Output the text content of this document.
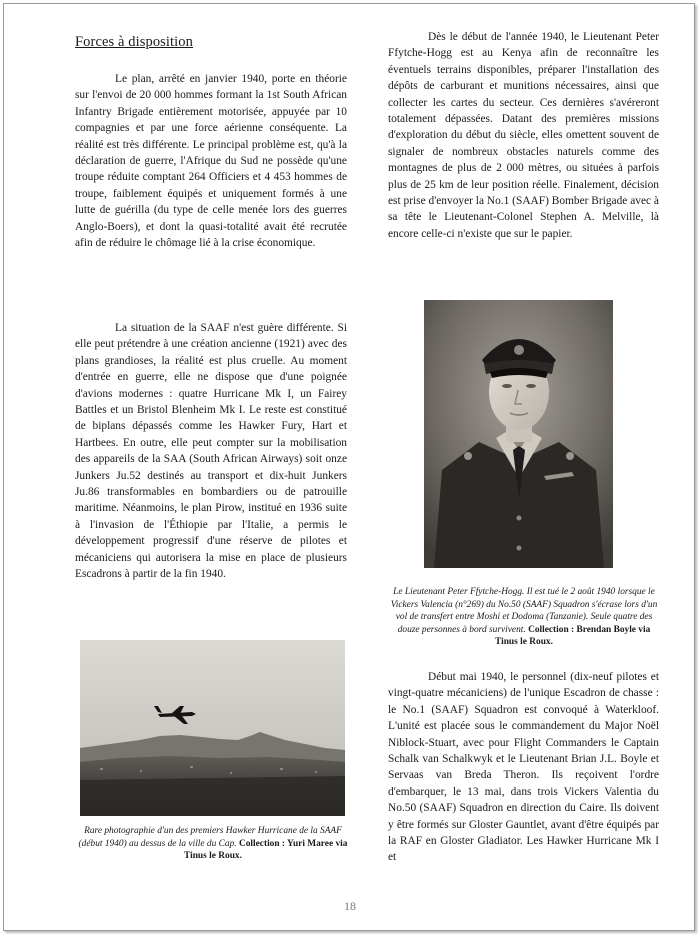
Forces à disposition

Le plan, arrêté en janvier 1940, porte en théorie sur l'envoi de 20 000 hommes formant la 1st South African Infantry Brigade entièrement motorisée, appuyée par 10 compagnies et par une force aérienne conséquente. La réalité est très différente. Le principal problème est, qu'à la déclaration de guerre, l'Afrique du Sud ne possède qu'une troupe réduite comptant 264 Officiers et 4 453 hommes de troupe, faiblement équipés et uniquement formés à une lutte de guérilla (du type de celle menée lors des guerres Anglo-Boers), et dont la quasi-totalité avait été recrutée afin de réduire le chômage lié à la crise économique.

La situation de la SAAF n'est guère différente. Si elle peut prétendre à une création ancienne (1921) avec des plans grandioses, la réalité est plus cruelle. Au moment d'entrée en guerre, elle ne dispose que d'une poignée d'avions modernes : quatre Hurricane Mk I, un Fairey Battles et un Bristol Blenheim Mk I. Le reste est constitué de biplans dépassés comme les Hawker Fury, Hart et Hartbees. En outre, elle peut compter sur la mobilisation des appareils de la SAA (South African Airways) soit onze Junkers Ju.52 destinés au transport et dix-huit Junkers Ju.86 transformables en bombardiers ou de patrouille maritime. Néanmoins, le plan Pirow, institué en 1936 suite à l'invasion de l'Éthiopie par l'Italie, a permis le développement progressif d'une réserve de pilotes et mécaniciens qui autorisera la mise en place de plusieurs Escadrons à partir de la fin 1940.

Rare photographie d'un des premiers Hawker Hurricane de la SAAF (début 1940) au dessus de la ville du Cap. Collection : Yuri Maree via Tinus le Roux.

Dès le début de l'année 1940, le Lieutenant Peter Ffytche-Hogg est au Kenya afin de reconnaître les éventuels terrains disponibles, préparer l'installation des dépôts de carburant et munitions nécessaires, ainsi que collecter les cartes du secteur. Ces dernières s'avéreront totalement dépassées. Datant des premières missions d'exploration du début du siècle, elles omettent souvent de signaler de nombreux obstacles naturels comme des montagnes de plus de 2 000 mètres, ou situées à parfois plus de 25 km de leur position réelle. Finalement, décision est prise d'envoyer la No.1 (SAAF) Bomber Brigade avec à sa tête le Lieutenant-Colonel Stephen A. Melville, là encore celle-ci n'existe que sur le papier.

Début mai 1940, le personnel (dix-neuf pilotes et vingt-quatre mécaniciens) de l'unique Escadron de chasse : le No.1 (SAAF) Squadron est convoqué à Waterkloof. L'unité est placée sous le commandement du Major Noël Niblock-Stuart, avec pour Flight Commanders le Captain Schalk van Schalkwyk et le Lieutenant Brian J.L. Boyle et Servaas van Breda Theron. Ils reçoivent l'ordre d'embarquer, le 13 mai, dans trois Vickers Valentia du No.50 (SAAF) Squadron en direction du Caire. Ils doivent y être formés sur Gloster Gauntlet, avant d'être équipés par la RAF en Gloster Gladiator. Les Hawker Hurricane Mk I et

Le Lieutenant Peter Ffytche-Hogg. Il est tué le 2 août 1940 lorsque le Vickers Valencia (n°269) du No.50 (SAAF) Squadron s'écrase lors d'un vol de transfert entre Moshi et Dodoma (Tanzanie). Seule quatre des douze personnes à bord survivent. Collection : Brendan Boyle via Tinus le Roux.

18
